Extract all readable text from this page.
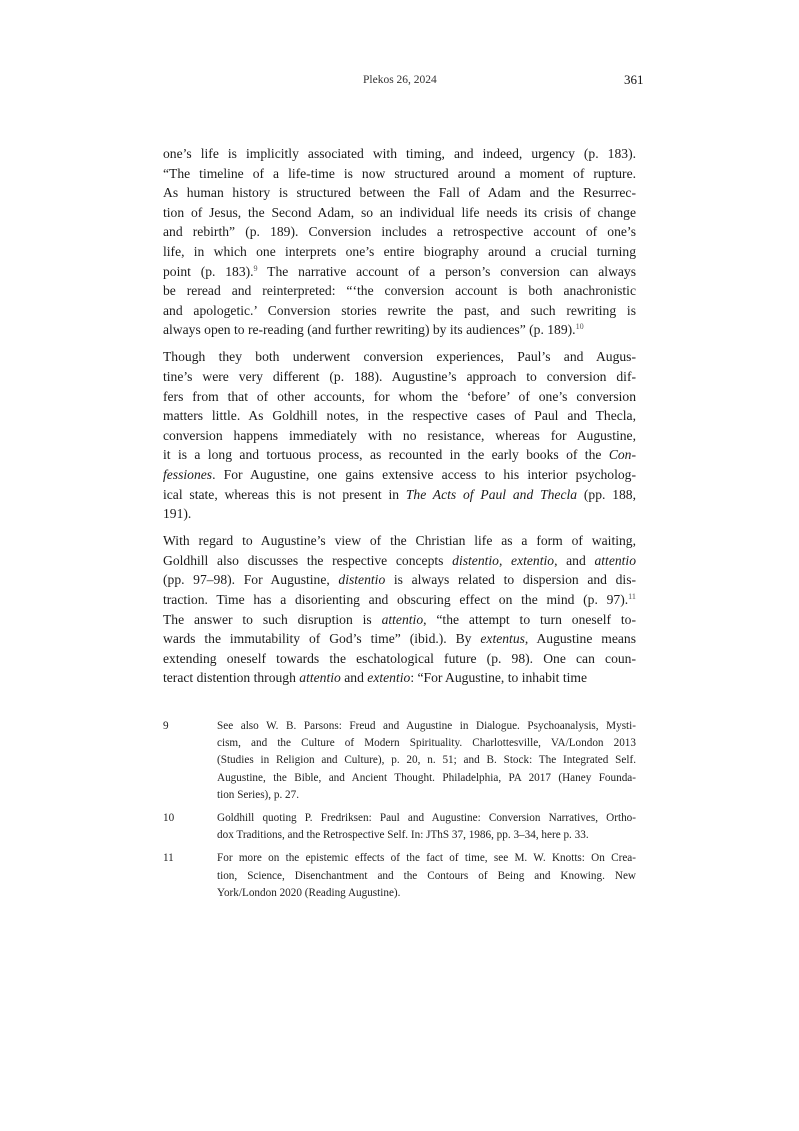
Plekos 26, 2024	361
one’s life is implicitly associated with timing, and indeed, urgency (p. 183).
“The timeline of a life-time is now structured around a moment of rupture.
As human history is structured between the Fall of Adam and the Resurrec-
tion of Jesus, the Second Adam, so an individual life needs its crisis of change
and rebirth” (p. 189). Conversion includes a retrospective account of one’s
life, in which one interprets one’s entire biography around a crucial turning
point (p. 183).$^9$ The narrative account of a person’s conversion can always
be reread and reinterpreted: “‘the conversion account is both anachronistic
and apologetic.’ Conversion stories rewrite the past, and such rewriting is
always open to re-reading (and further rewriting) by its audiences” (p. 189).$^{10}$
Though they both underwent conversion experiences, Paul’s and Augus-
tine’s were very different (p. 188). Augustine’s approach to conversion dif-
fers from that of other accounts, for whom the ‘before’ of one’s conversion
matters little. As Goldhill notes, in the respective cases of Paul and Thecla,
conversion happens immediately with no resistance, whereas for Augustine,
it is a long and tortuous process, as recounted in the early books of the Con-
fessiones. For Augustine, one gains extensive access to his interior psycholog-
ical state, whereas this is not present in The Acts of Paul and Thecla (pp. 188,
191).
With regard to Augustine’s view of the Christian life as a form of waiting,
Goldhill also discusses the respective concepts distentio, extentio, and attentio
(pp. 97–98). For Augustine, distentio is always related to dispersion and dis-
traction. Time has a disorienting and obscuring effect on the mind (p. 97).$^{11}$
The answer to such disruption is attentio, “the attempt to turn oneself to-
wards the immutability of God’s time” (ibid.). By extentus, Augustine means
extending oneself towards the eschatological future (p. 98). One can coun-
teract distention through attentio and extentio: “For Augustine, to inhabit time
9	See also W. B. Parsons: Freud and Augustine in Dialogue. Psychoanalysis, Mysti-
cism, and the Culture of Modern Spirituality. Charlottesville, VA/London 2013
(Studies in Religion and Culture), p. 20, n. 51; and B. Stock: The Integrated Self.
Augustine, the Bible, and Ancient Thought. Philadelphia, PA 2017 (Haney Founda-
tion Series), p. 27.
10	Goldhill quoting P. Fredriksen: Paul and Augustine: Conversion Narratives, Ortho-
dox Traditions, and the Retrospective Self. In: JThS 37, 1986, pp. 3–34, here p. 33.
11	For more on the epistemic effects of the fact of time, see M. W. Knotts: On Crea-
tion, Science, Disenchantment and the Contours of Being and Knowing. New
York/London 2020 (Reading Augustine).
